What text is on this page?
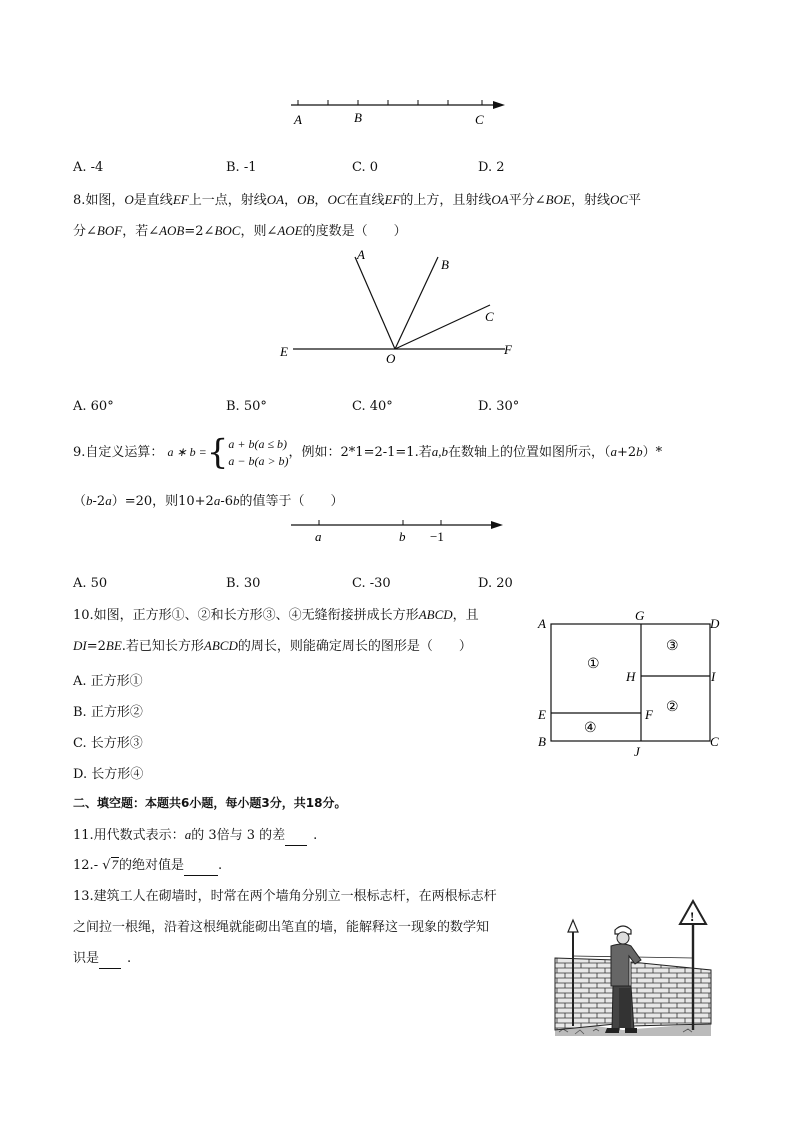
A	B	C
A. -4	B. -1	C. 0	D. 2
8.如图，O是直线EF上一点，射线OA，OB，OC在直线EF的上方，且射线OA平分∠BOE，射线OC平
分∠BOF，若∠AOB=2∠BOC，则∠AOE的度数是（　　）
A
B
C
E	O
F
A. 60°	B. 50°	C. 40°	D. 30°
9.自定义运算： a ∗ b ={a + b(a ≤ b)
a − b(a > b)，例如：2*1=2-1=1.若a,b在数轴上的位置如图所示，（a+2b）*
（b-2a）=20，则10+2a-6b的值等于（　　）
a	b −1
A. 50	B. 30	C. -30	D. 20
10.如图，正方形①、②和长方形③、④无缝衔接拼成长方形ABCD，且
DI=2BE.若已知长方形ABCD的周长，则能确定周长的图形是（　　）
A. 正方形①
B. 正方形②
C. 长方形③
D. 长方形④
A
G
D
H	I
E	F
B
J
C
①
②
③
④
二、填空题：本题共6小题，每小题3分，共18分。
11.用代数式表示：a的 3倍与 3 的差 .
12.- √7的绝对值是	.
13.建筑工人在砌墙时，时常在两个墙角分别立一根标志杆，在两根标志杆
之间拉一根绳，沿着这根绳就能砌出笔直的墙，能解释这一现象的数学知
识是 .
!
